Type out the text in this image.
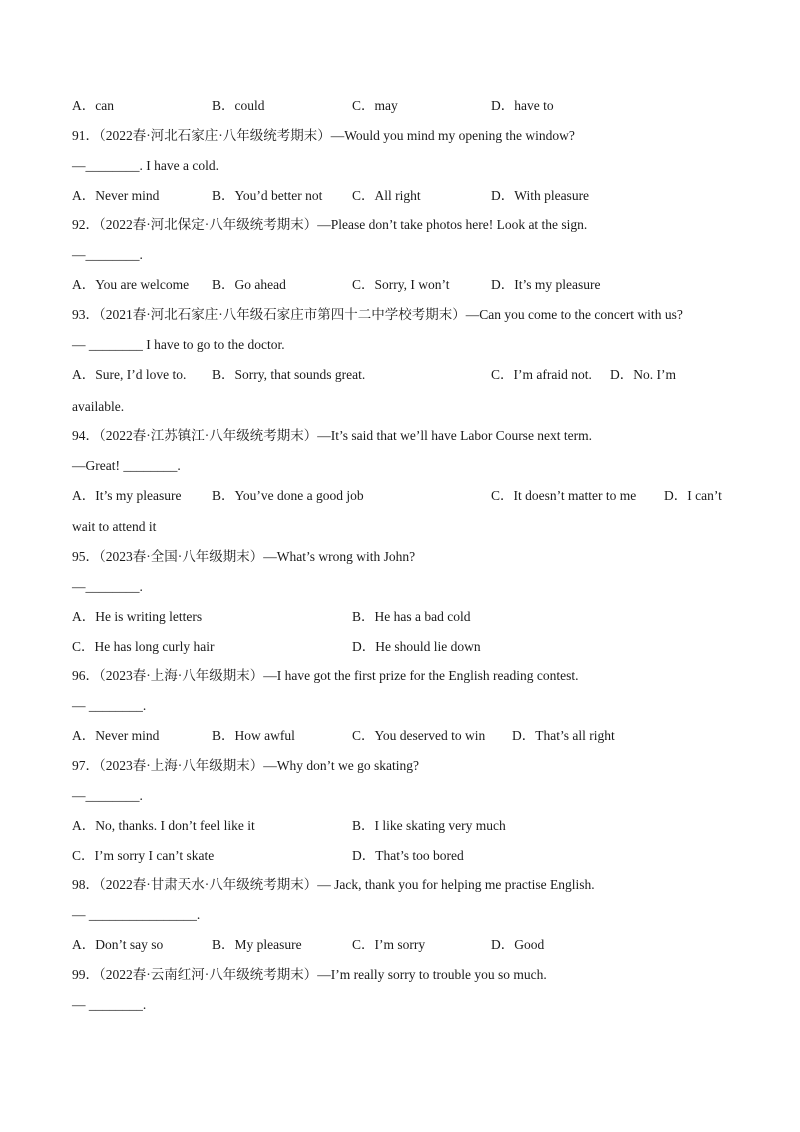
A．can	B．could	C．may	D．have to
91．（2022春·河北石家庄·八年级统考期末）—Would you mind my opening the window?
—________. I have a cold.
A．Never mind	B．You’d better not C．All right	D．With pleasure
92．（2022春·河北保定·八年级统考期末）—Please don’t take photos here! Look at the sign.
—________.
A．You are welcome B．Go ahead	C．Sorry, I won’t	D．It’s my pleasure
93．（2021春·河北石家庄·八年级石家庄市第四十二中学校考期末）—Can you come to the concert with us?
— ________ I have to go to the doctor.
A．Sure, I’d love to. B．Sorry, that sounds great.	C．I’m afraid not. D．No. I’m
available.
94．（2022春·江苏镇江·八年级统考期末）—It’s said that we’ll have Labor Course next term.
—Great! ________.
A．It’s my pleasure B．You’ve done a good job	C．It doesn’t matter to me D．I can’t
wait to attend it
95．（2023春·全国·八年级期末）—What’s wrong with John?
—________.
A．He is writing letters	B．He has a bad cold
C．He has long curly hair	D．He should lie down
96．（2023春·上海·八年级期末）—I have got the first prize for the English reading contest.
— ________.
A．Never mind	B．How awful	C．You deserved to win D．That’s all right
97．（2023春·上海·八年级期末）—Why don’t we go skating?
—________.
A．No, thanks. I don’t feel like it	B．I like skating very much
C．I’m sorry I can’t skate	D．That’s too bored
98．（2022春·甘肃天水·八年级统考期末）— Jack, thank you for helping me practise English.
— ________________.
A．Don’t say so	B．My pleasure	C．I’m sorry	D．Good
99．（2022春·云南红河·八年级统考期末）—I’m really sorry to trouble you so much.
— ________.
